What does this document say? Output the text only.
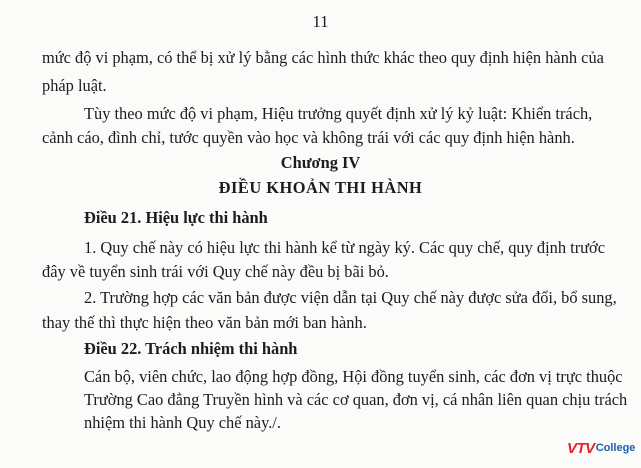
11
mức độ vi phạm, có thể bị xử lý bằng các hình thức khác theo quy định hiện hành của
pháp luật.
Tùy theo mức độ vi phạm, Hiệu trưởng quyết định xử lý kỷ luật: Khiển trách,
cảnh cáo, đình chỉ, tước quyền vào học và không trái với các quy định hiện hành.
Chương IV
ĐIỀU KHOẢN THI HÀNH
Điều 21. Hiệu lực thi hành
1. Quy chế này có hiệu lực thi hành kể từ ngày ký. Các quy chế, quy định trước
đây về tuyển sinh trái với Quy chế này đều bị bãi bỏ.
2. Trường hợp các văn bản được viện dẫn tại Quy chế này được sửa đổi, bổ sung,
thay thế thì thực hiện theo văn bản mới ban hành.
Điều 22. Trách nhiệm thi hành
Cán bộ, viên chức, lao động hợp đồng, Hội đồng tuyển sinh, các đơn vị trực thuộc
Trường Cao đẳng Truyền hình và các cơ quan, đơn vị, cá nhân liên quan chịu trách
nhiệm thi hành Quy chế này./.
VTV College
